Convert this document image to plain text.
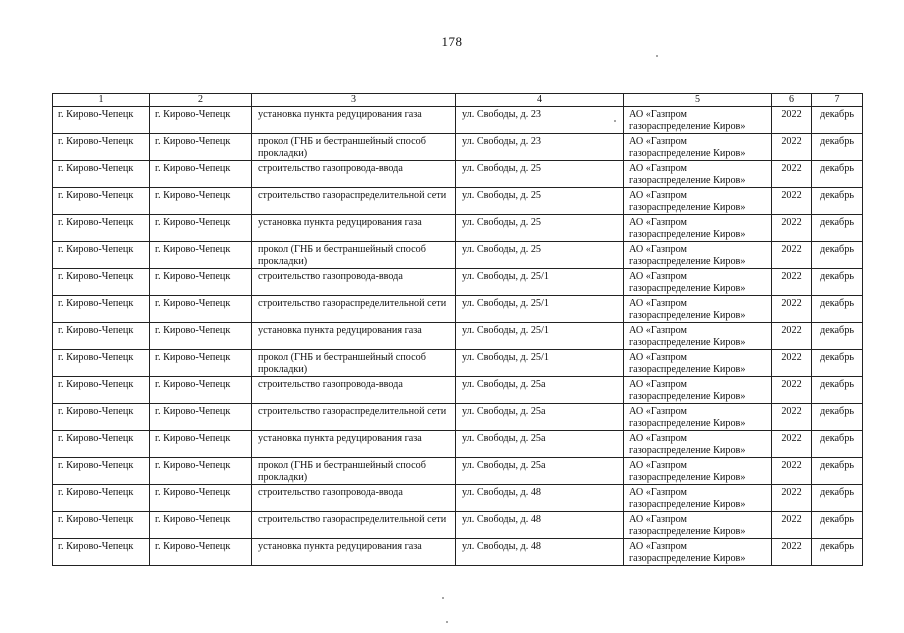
178
1	2	3	4	5	6	7
г. Кирово-Чепецк	г. Кирово-Чепецк	установка пункта редуцирования газа	ул. Свободы, д. 23	АО «Газпром газораспределение Киров»	2022	декабрь
г. Кирово-Чепецк	г. Кирово-Чепецк	прокол (ГНБ и бестраншейный способ прокладки)	ул. Свободы, д. 23	АО «Газпром газораспределение Киров»	2022	декабрь
г. Кирово-Чепецк	г. Кирово-Чепецк	строительство газопровода-ввода	ул. Свободы, д. 25	АО «Газпром газораспределение Киров»	2022	декабрь
г. Кирово-Чепецк	г. Кирово-Чепецк	строительство газораспределительной сети	ул. Свободы, д. 25	АО «Газпром газораспределение Киров»	2022	декабрь
г. Кирово-Чепецк	г. Кирово-Чепецк	установка пункта редуцирования газа	ул. Свободы, д. 25	АО «Газпром газораспределение Киров»	2022	декабрь
г. Кирово-Чепецк	г. Кирово-Чепецк	прокол (ГНБ и бестраншейный способ прокладки)	ул. Свободы, д. 25	АО «Газпром газораспределение Киров»	2022	декабрь
г. Кирово-Чепецк	г. Кирово-Чепецк	строительство газопровода-ввода	ул. Свободы, д. 25/1	АО «Газпром газораспределение Киров»	2022	декабрь
г. Кирово-Чепецк	г. Кирово-Чепецк	строительство газораспределительной сети	ул. Свободы, д. 25/1	АО «Газпром газораспределение Киров»	2022	декабрь
г. Кирово-Чепецк	г. Кирово-Чепецк	установка пункта редуцирования газа	ул. Свободы, д. 25/1	АО «Газпром газораспределение Киров»	2022	декабрь
г. Кирово-Чепецк	г. Кирово-Чепецк	прокол (ГНБ и бестраншейный способ прокладки)	ул. Свободы, д. 25/1	АО «Газпром газораспределение Киров»	2022	декабрь
г. Кирово-Чепецк	г. Кирово-Чепецк	строительство газопровода-ввода	ул. Свободы, д. 25а	АО «Газпром газораспределение Киров»	2022	декабрь
г. Кирово-Чепецк	г. Кирово-Чепецк	строительство газораспределительной сети	ул. Свободы, д. 25а	АО «Газпром газораспределение Киров»	2022	декабрь
г. Кирово-Чепецк	г. Кирово-Чепецк	установка пункта редуцирования газа	ул. Свободы, д. 25а	АО «Газпром газораспределение Киров»	2022	декабрь
г. Кирово-Чепецк	г. Кирово-Чепецк	прокол (ГНБ и бестраншейный способ прокладки)	ул. Свободы, д. 25а	АО «Газпром газораспределение Киров»	2022	декабрь
г. Кирово-Чепецк	г. Кирово-Чепецк	строительство газопровода-ввода	ул. Свободы, д. 48	АО «Газпром газораспределение Киров»	2022	декабрь
г. Кирово-Чепецк	г. Кирово-Чепецк	строительство газораспределительной сети	ул. Свободы, д. 48	АО «Газпром газораспределение Киров»	2022	декабрь
г. Кирово-Чепецк	г. Кирово-Чепецк	установка пункта редуцирования газа	ул. Свободы, д. 48	АО «Газпром газораспределение Киров»	2022	декабрь
